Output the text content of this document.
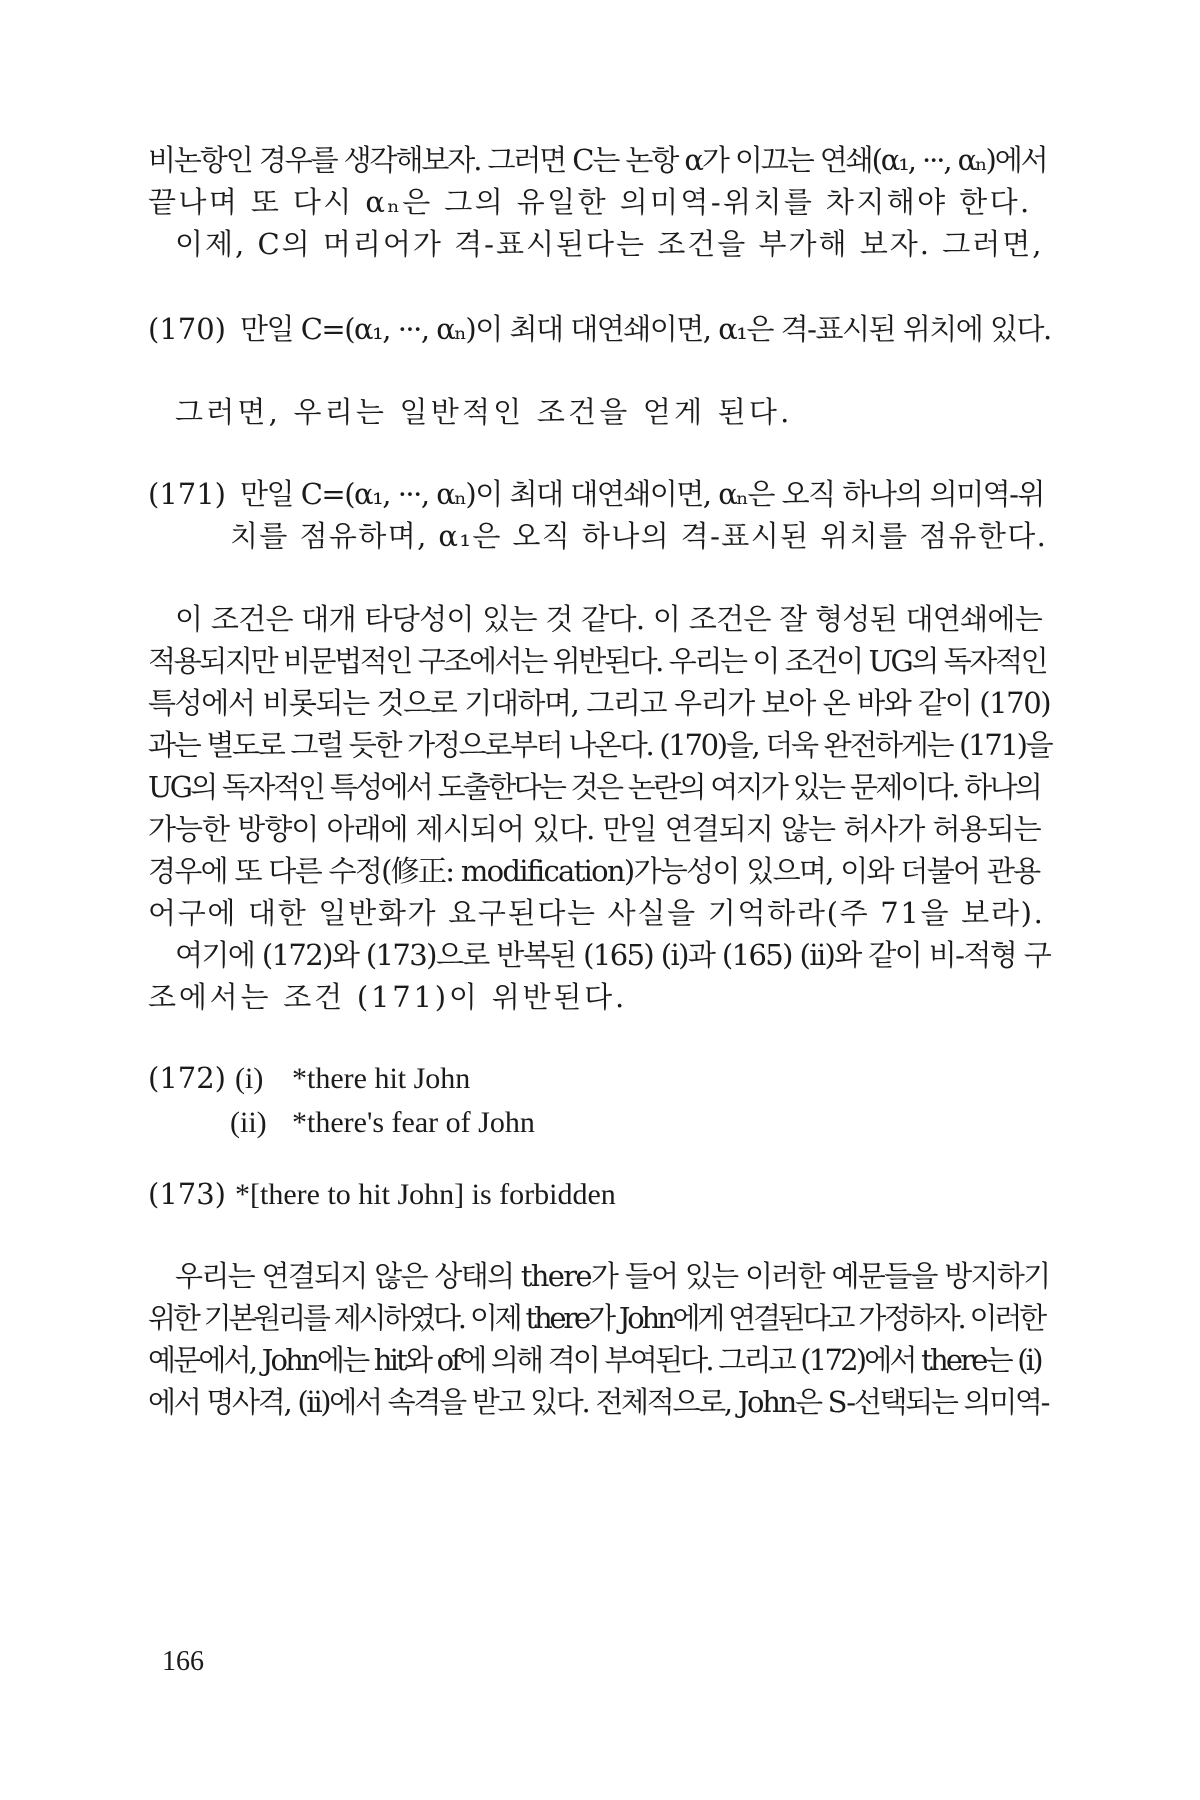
비논항인 경우를 생각해보자. 그러면 C는 논항 α가 이끄는 연쇄(α₁, ···, αₙ)에서
끝나며 또 다시 αₙ은 그의 유일한 의미역-위치를 차지해야 한다.
이제, C의 머리어가 격-표시된다는 조건을 부가해 보자. 그러면,
(170) 만일 C=(α₁, ···, αₙ)이 최대 대연쇄이면, α₁은 격-표시된 위치에 있다.
그러면, 우리는 일반적인 조건을 얻게 된다.
(171) 만일 C=(α₁, ···, αₙ)이 최대 대연쇄이면, αₙ은 오직 하나의 의미역-위
치를 점유하며, α₁은 오직 하나의 격-표시된 위치를 점유한다.
이 조건은 대개 타당성이 있는 것 같다. 이 조건은 잘 형성된 대연쇄에는
적용되지만 비문법적인 구조에서는 위반된다. 우리는 이 조건이 UG의 독자적인
특성에서 비롯되는 것으로 기대하며, 그리고 우리가 보아 온 바와 같이 (170)
과는 별도로 그럴 듯한 가정으로부터 나온다. (170)을, 더욱 완전하게는 (171)을
UG의 독자적인 특성에서 도출한다는 것은 논란의 여지가 있는 문제이다. 하나의
가능한 방향이 아래에 제시되어 있다. 만일 연결되지 않는 허사가 허용되는
경우에 또 다른 수정(修正: modification)가능성이 있으며, 이와 더불어 관용
어구에 대한 일반화가 요구된다는 사실을 기억하라(주 71을 보라).
여기에 (172)와 (173)으로 반복된 (165) (i)과 (165) (ii)와 같이 비-적형 구
조에서는 조건 (171)이 위반된다.
(172) (i) *there hit John
(ii) *there's fear of John
(173) *[there to hit John] is forbidden
우리는 연결되지 않은 상태의 there가 들어 있는 이러한 예문들을 방지하기
위한 기본원리를 제시하였다. 이제 there가 John에게 연결된다고 가정하자. 이러한
예문에서, John에는 hit와 of에 의해 격이 부여된다. 그리고 (172)에서 there는 (i)
에서 명사격, (ii)에서 속격을 받고 있다. 전체적으로, John은 S-선택되는 의미역-
166
